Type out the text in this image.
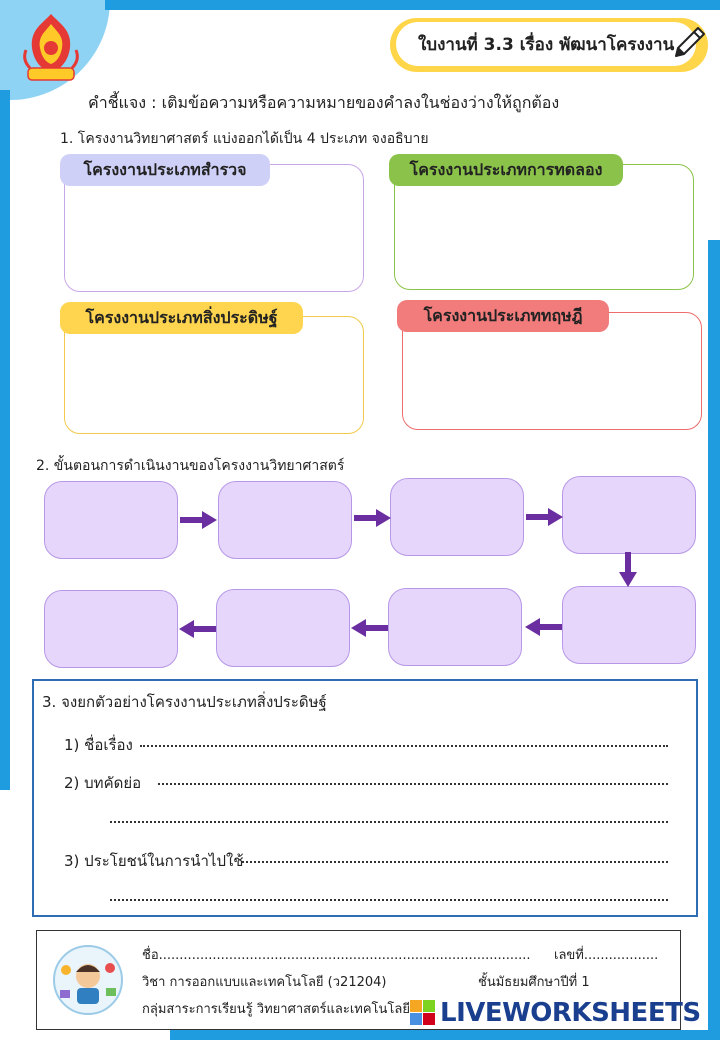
ใบงานที่ 3.3 เรื่อง พัฒนาโครงงาน
คำชี้แจง : เติมข้อความหรือความหมายของคำลงในช่องว่างให้ถูกต้อง
1. โครงงานวิทยาศาสตร์ แบ่งออกได้เป็น 4 ประเภท จงอธิบาย
โครงงานประเภทสำรวจ	โครงงานประเภทการทดลอง
โครงงานประเภทสิ่งประดิษฐ์	โครงงานประเภททฤษฎี
2. ขั้นตอนการดำเนินงานของโครงงานวิทยาศาสตร์
3. จงยกตัวอย่างโครงงานประเภทสิ่งประดิษฐ์
1) ชื่อเรื่อง
2) บทคัดย่อ
3) ประโยชน์ในการนำไปใช้
ชื่อ.......................................................................................... เลขที่..................
วิชา การออกแบบและเทคโนโลยี (ว21204)	ชั้นมัธยมศึกษาปีที่ 1
กลุ่มสาระการเรียนรู้ วิทยาศาสตร์และเทคโนโลยี LIVEWORKSHEETS
